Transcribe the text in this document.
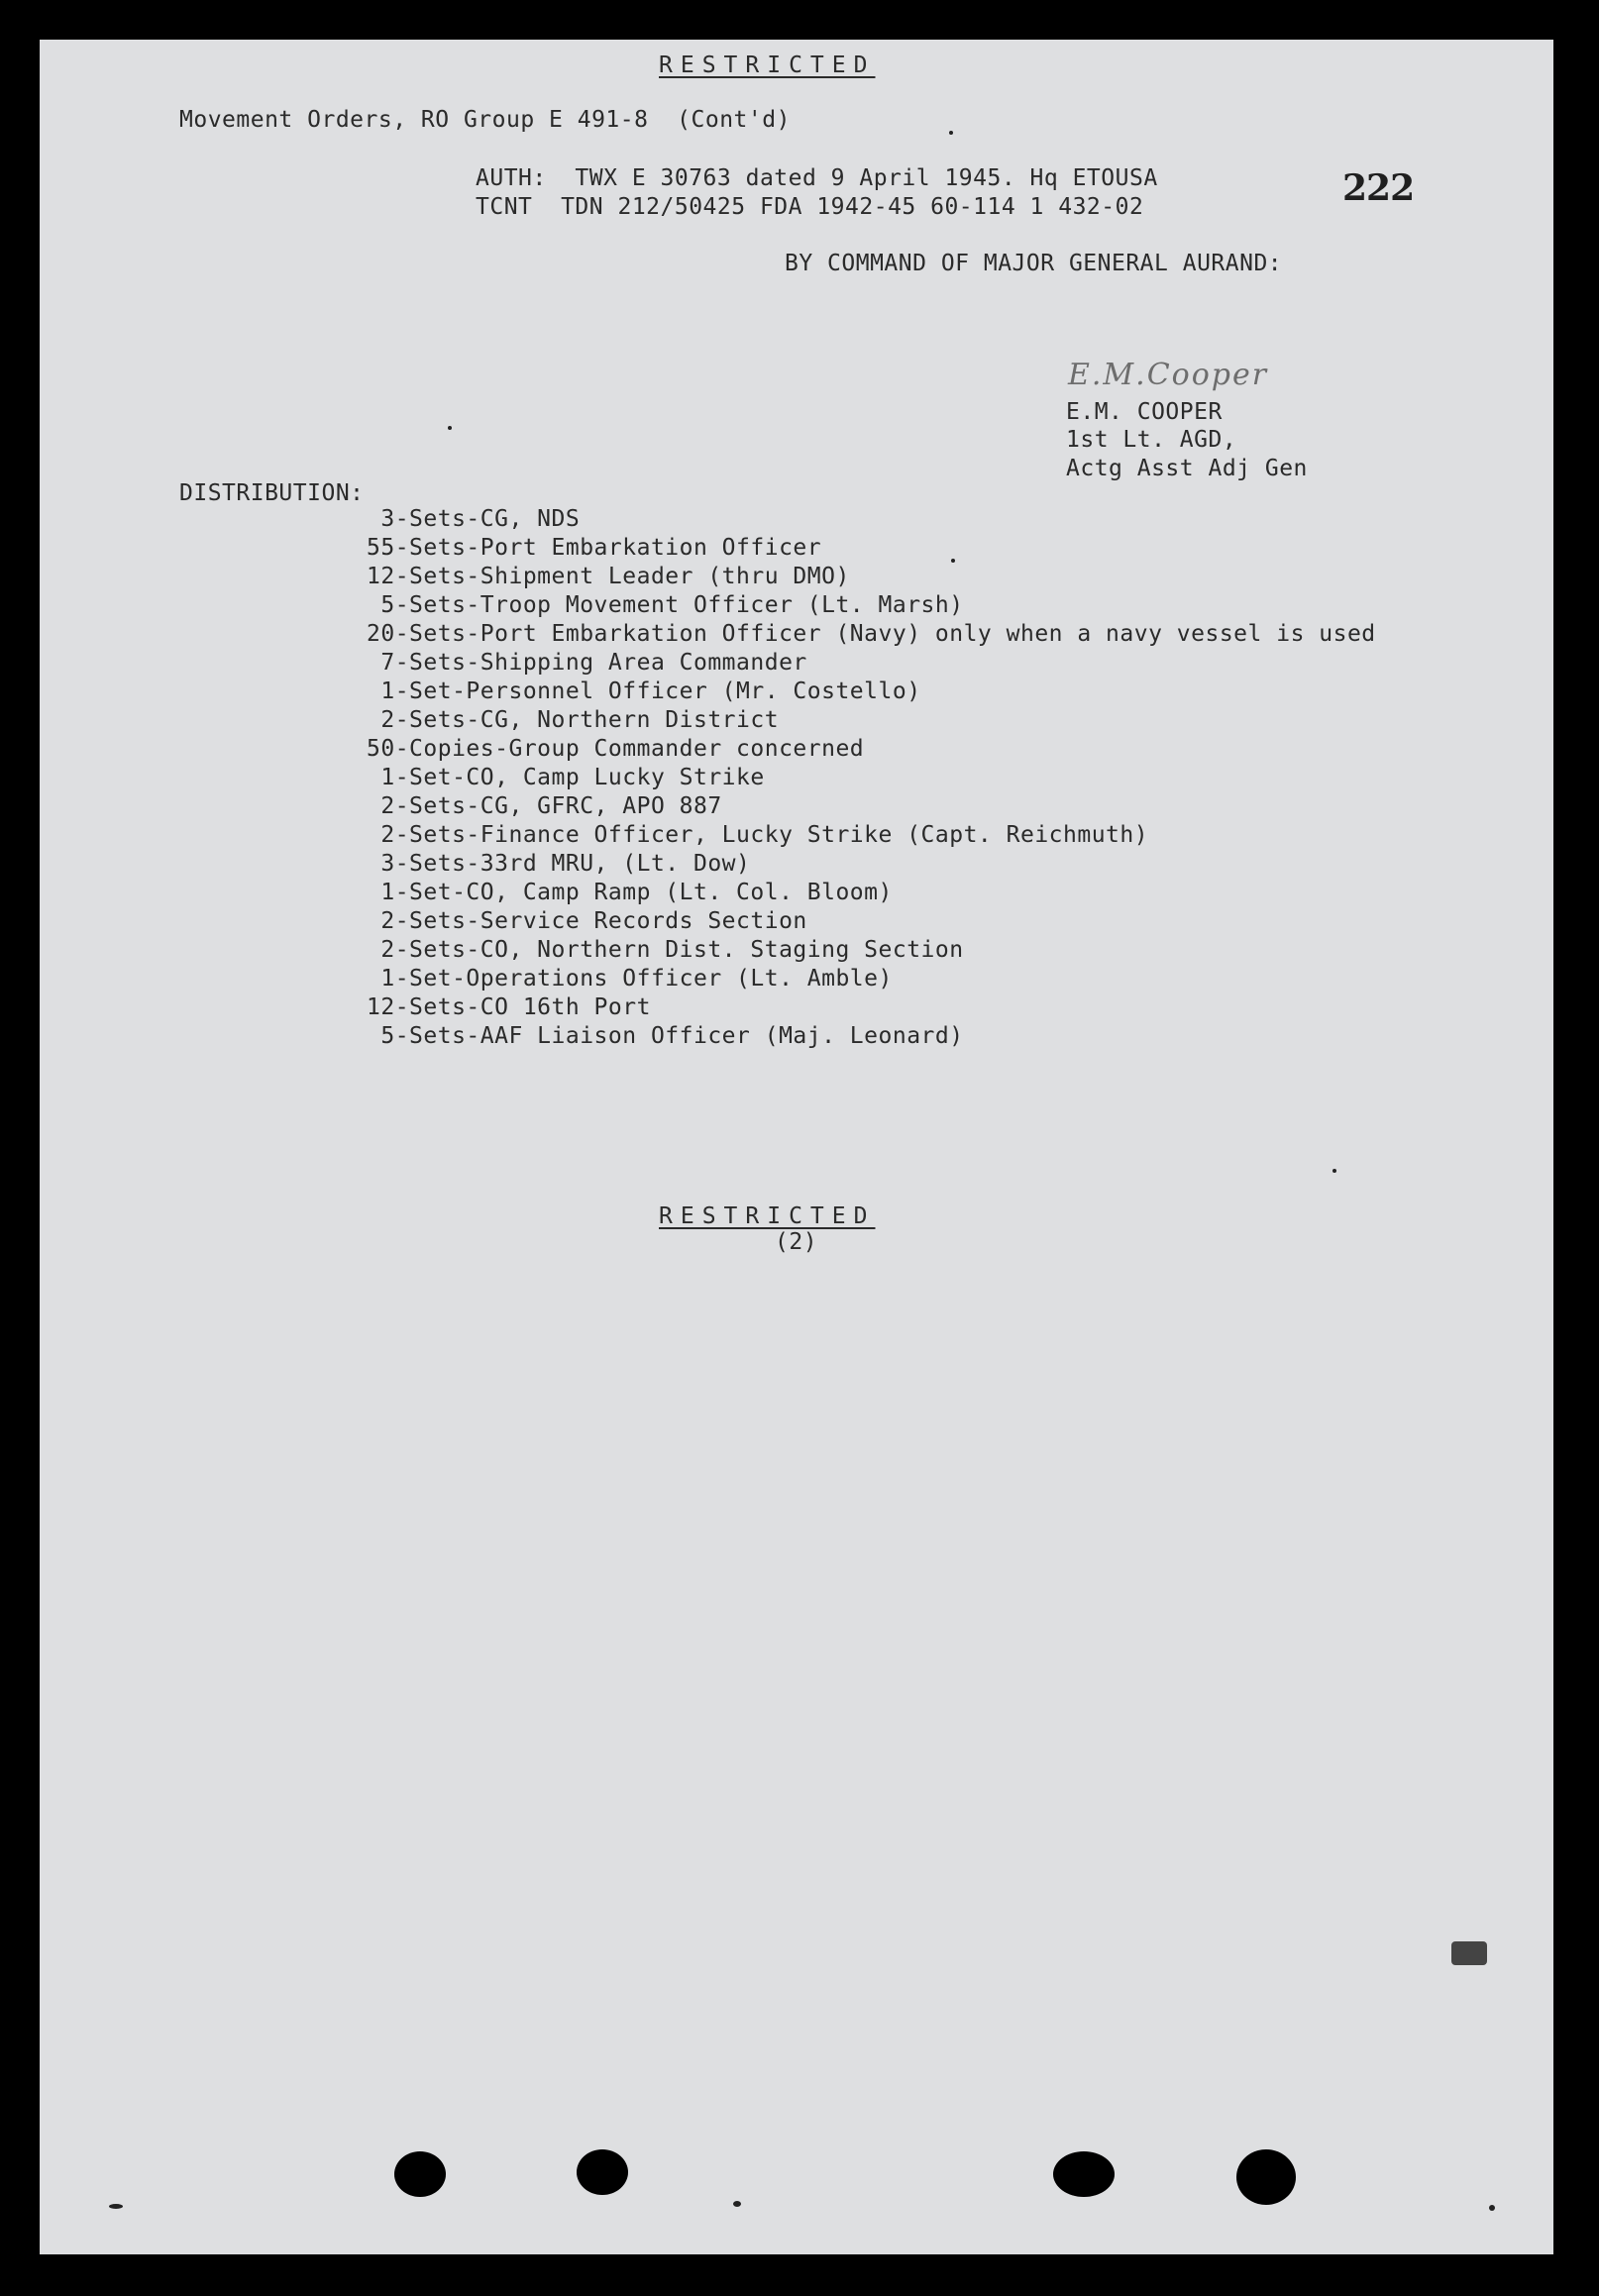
RESTRICTED
Movement Orders, RO Group E 491-8  (Cont'd)
AUTH:  TWX E 30763 dated 9 April 1945. Hq ETOUSA
TCNT  TDN 212/50425 FDA 1942-45 60-114 1 432-02	222
BY COMMAND OF MAJOR GENERAL AURAND:
E.M.Cooper
E.M. COOPER
1st Lt. AGD,
Actg Asst Adj Gen
DISTRIBUTION:
3-Sets-CG, NDS
55-Sets-Port Embarkation Officer
12-Sets-Shipment Leader (thru DMO)
5-Sets-Troop Movement Officer (Lt. Marsh)
20-Sets-Port Embarkation Officer (Navy) only when a navy vessel is used
7-Sets-Shipping Area Commander
1-Set-Personnel Officer (Mr. Costello)
2-Sets-CG, Northern District
50-Copies-Group Commander concerned
1-Set-CO, Camp Lucky Strike
2-Sets-CG, GFRC, APO 887
2-Sets-Finance Officer, Lucky Strike (Capt. Reichmuth)
3-Sets-33rd MRU, (Lt. Dow)
1-Set-CO, Camp Ramp (Lt. Col. Bloom)
2-Sets-Service Records Section
2-Sets-CO, Northern Dist. Staging Section
1-Set-Operations Officer (Lt. Amble)
12-Sets-CO 16th Port
5-Sets-AAF Liaison Officer (Maj. Leonard)
RESTRICTED
(2)
